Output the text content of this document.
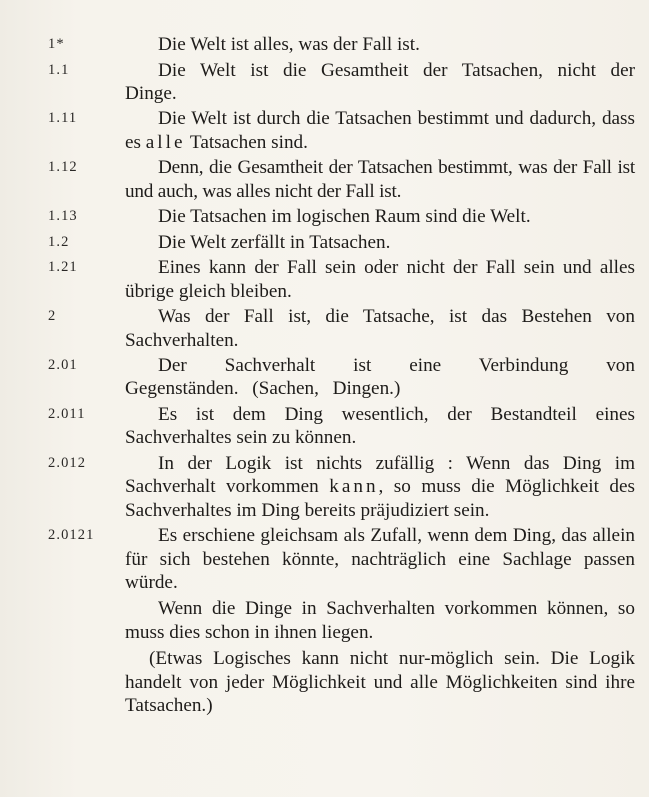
1*	Die Welt ist alles, was der Fall ist.

1.1	Die Welt ist die Gesamtheit der Tatsachen, nicht der Dinge.

1.11	Die Welt ist durch die Tatsachen bestimmt und dadurch, dass es alle Tatsachen sind.

1.12	Denn, die Gesamtheit der Tatsachen bestimmt, was der Fall ist und auch, was alles nicht der Fall ist.

1.13	Die Tatsachen im logischen Raum sind die Welt.

1.2	Die Welt zerfällt in Tatsachen.

1.21	Eines kann der Fall sein oder nicht der Fall sein und alles übrige gleich bleiben.

2	Was der Fall ist, die Tatsache, ist das Bestehen von Sachverhalten.

2.01	Der Sachverhalt ist eine Verbindung von Gegenständen. (Sachen, Dingen.)

2.011	Es ist dem Ding wesentlich, der Bestandteil eines Sachverhaltes sein zu können.

2.012	In der Logik ist nichts zufällig : Wenn das Ding im Sachverhalt vorkommen kann, so muss die Möglichkeit des Sachverhaltes im Ding bereits präjudiziert sein.

2.0121	Es erschiene gleichsam als Zufall, wenn dem Ding, das allein für sich bestehen könnte, nachträglich eine Sachlage passen würde.

Wenn die Dinge in Sachverhalten vorkommen können, so muss dies schon in ihnen liegen.

(Etwas Logisches kann nicht nur-möglich sein. Die Logik handelt von jeder Möglichkeit und alle Möglichkeiten sind ihre Tatsachen.)
